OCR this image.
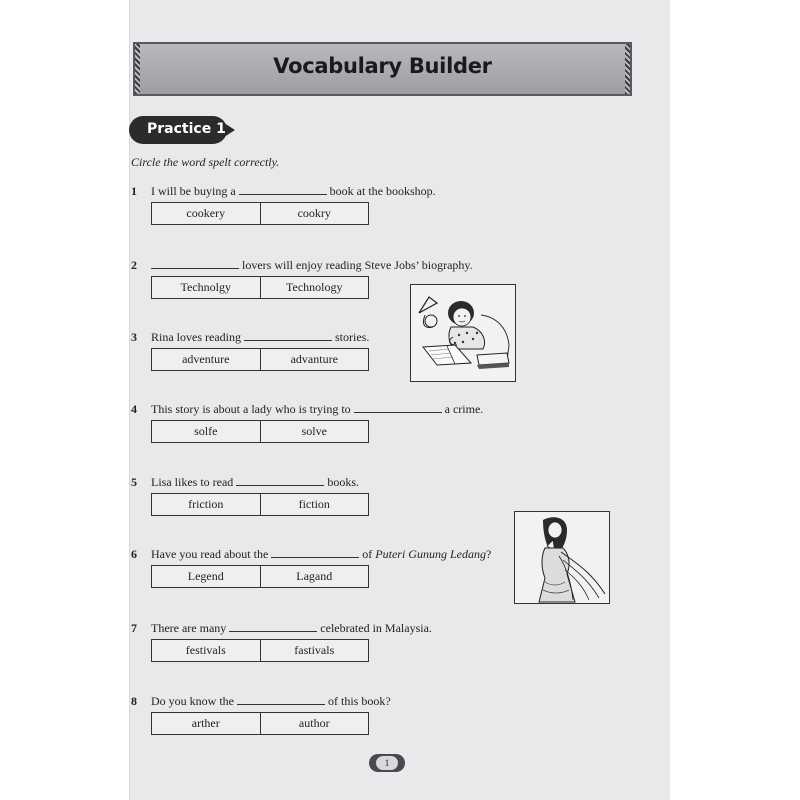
Vocabulary Builder
Practice 1
Circle the word spelt correctly.
1 I will be buying a	book at the bookshop.
cookery	cookry
2	lovers will enjoy reading Steve Jobs’ biography.
Technolgy	Technology
3 Rina loves reading	stories.
adventure	advanture
4 This story is about a lady who is trying to	a crime.
solfe	solve
5 Lisa likes to read	books.
friction	fiction
6 Have you read about the	of Puteri Gunung Ledang?
Legend	Lagand
7 There are many	celebrated in Malaysia.
festivals	fastivals
8 Do you know the	of this book?
arther	author
1
